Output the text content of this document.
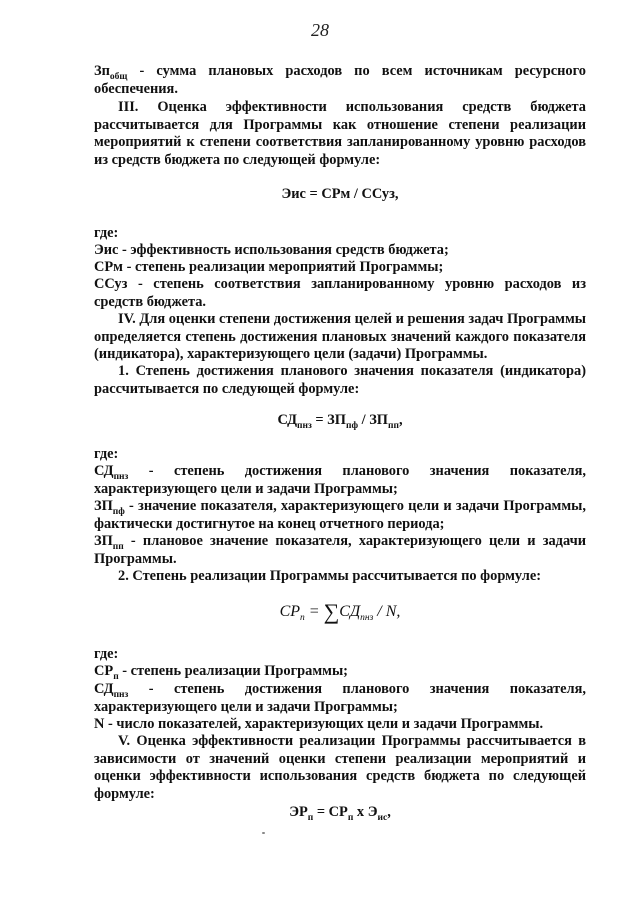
28
$Зп_{общ}$ - сумма плановых расходов по всем источникам ресурсного обеспечения.
III. Оценка эффективности использования средств бюджета рассчитывается для Программы как отношение степени реализации мероприятий к степени соответствия запланированному уровню расходов из средств бюджета по следующей формуле:
Эис = СРм / ССуз,
где:
Эис - эффективность использования средств бюджета;
СРм - степень реализации мероприятий Программы;
ССуз - степень соответствия запланированному уровню расходов из средств бюджета.
IV. Для оценки степени достижения целей и решения задач Программы определяется степень достижения плановых значений каждого показателя (индикатора), характеризующего цели (задачи) Программы.
1. Степень достижения планового значения показателя (индикатора) рассчитывается по следующей формуле:
$СД_{пнз} = ЗП_{пф} / ЗП_{пп}$,
где:
$СД_{пнз}$ - степень достижения планового значения показателя, характеризующего цели и задачи Программы;
$ЗП_{пф}$ - значение показателя, характеризующего цели и задачи Программы, фактически достигнутое на конец отчетного периода;
$ЗП_{пп}$ - плановое значение показателя, характеризующего цели и задачи Программы.
2. Степень реализации Программы рассчитывается по формуле:
$СР_п = \sum СД_{пнз} / N$,
где:
$СР_п$ - степень реализации Программы;
$СД_{пнз}$ - степень достижения планового значения показателя, характеризующего цели и задачи Программы;
N - число показателей, характеризующих цели и задачи Программы.
V. Оценка эффективности реализации Программы рассчитывается в зависимости от значений оценки степени реализации мероприятий и оценки эффективности использования средств бюджета по следующей формуле:
$ЭР_п = СР_п$ х $Э_{ис}$,
